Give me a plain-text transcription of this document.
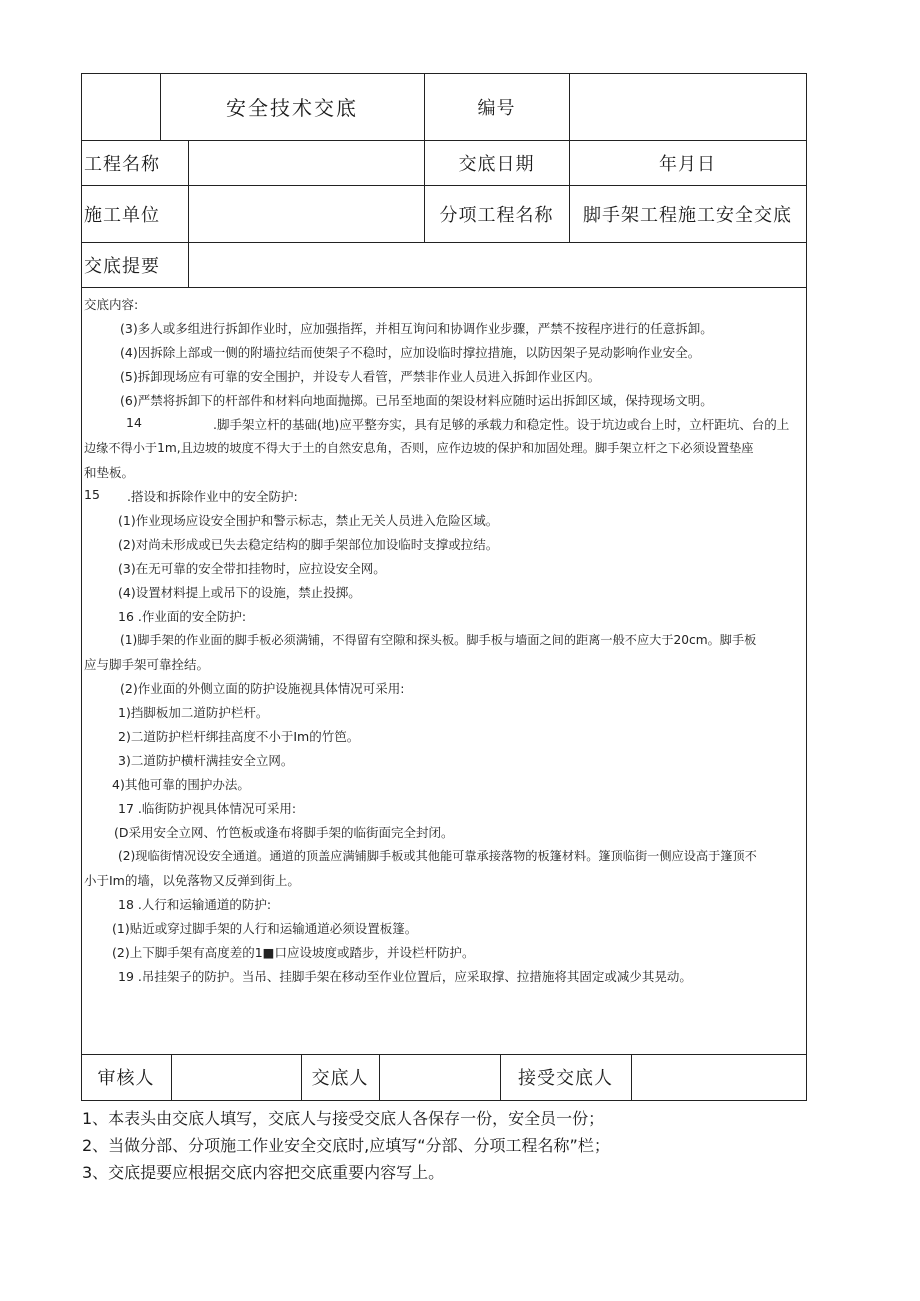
安全技术交底	编号
工程名称	交底日期	年月日
施工单位	分项工程名称	脚手架工程施工安全交底
交底提要
交底内容:
(3)多人或多组进行拆卸作业时，应加强指挥，并相互询问和协调作业步骤，严禁不按程序进行的任意拆卸。
(4)因拆除上部或一侧的附墙拉结而使架子不稳时，应加设临时撑拉措施，以防因架子晃动影响作业安全。
(5)拆卸现场应有可靠的安全围护，并设专人看管，严禁非作业人员进入拆卸作业区内。
(6)严禁将拆卸下的杆部件和材料向地面抛掷。已吊至地面的架设材料应随时运出拆卸区域，保持现场文明。
14	.脚手架立杆的基础(地)应平整夯实，具有足够的承载力和稳定性。设于坑边或台上时，立杆距坑、台的上
边缘不得小于1m,且边坡的坡度不得大于土的自然安息角，否则，应作边坡的保护和加固处理。脚手架立杆之下必须设置垫座
和垫板。
15 .搭设和拆除作业中的安全防护:
(1)作业现场应设安全围护和警示标志，禁止无关人员进入危险区域。
(2)对尚未形成或已失去稳定结构的脚手架部位加设临时支撑或拉结。
(3)在无可靠的安全带扣挂物时，应拉设安全网。
(4)设置材料提上或吊下的设施，禁止投掷。
16 .作业面的安全防护:
(1)脚手架的作业面的脚手板必须满铺，不得留有空隙和探头板。脚手板与墙面之间的距离一般不应大于20cm。脚手板
应与脚手架可靠拴结。
(2)作业面的外侧立面的防护设施视具体情况可采用:
1)挡脚板加二道防护栏杆。
2)二道防护栏杆绑挂高度不小于Im的竹笆。
3)二道防护横杆满挂安全立网。
4)其他可靠的围护办法。
17 .临街防护视具体情况可采用:
(D采用安全立网、竹笆板或逢布将脚手架的临街面完全封闭。
(2)现临街情况设安全通道。通道的顶盖应满铺脚手板或其他能可靠承接落物的板篷材料。篷顶临街一侧应设高于篷顶不
小于Im的墙，以免落物又反弹到街上。
18 .人行和运输通道的防护:
(1)贴近或穿过脚手架的人行和运输通道必须设置板篷。
(2)上下脚手架有高度差的1■口应设坡度或踏步，并设栏杆防护。
19 .吊挂架子的防护。当吊、挂脚手架在移动至作业位置后，应采取撑、拉措施将其固定或减少其晃动。
审核人	交底人	接受交底人
1、本表头由交底人填写，交底人与接受交底人各保存一份，安全员一份；
2、当做分部、分项施工作业安全交底时,应填写“分部、分项工程名称”栏；
3、交底提要应根据交底内容把交底重要内容写上。
